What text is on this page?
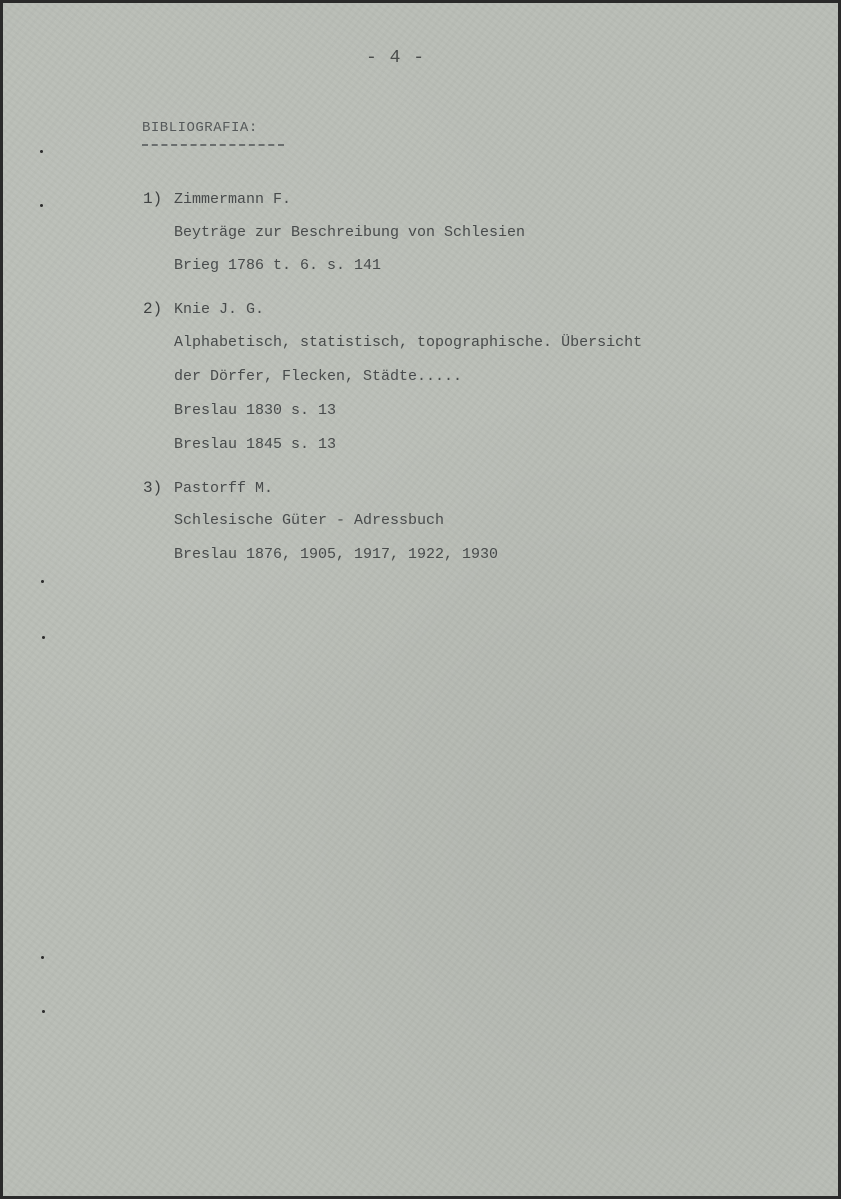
- 4 -
BIBLIOGRAFIA:
1) Zimmermann F.
Beyträge zur Beschreibung von Schlesien
Brieg 1786 t. 6. s. 141
2) Knie J. G.
Alphabetisch, statistisch, topographische. Übersicht
der Dörfer, Flecken, Städte.....
Breslau 1830 s. 13
Breslau 1845 s. 13
3) Pastorff M.
Schlesische Güter - Adressbuch
Breslau 1876, 1905, 1917, 1922, 1930
